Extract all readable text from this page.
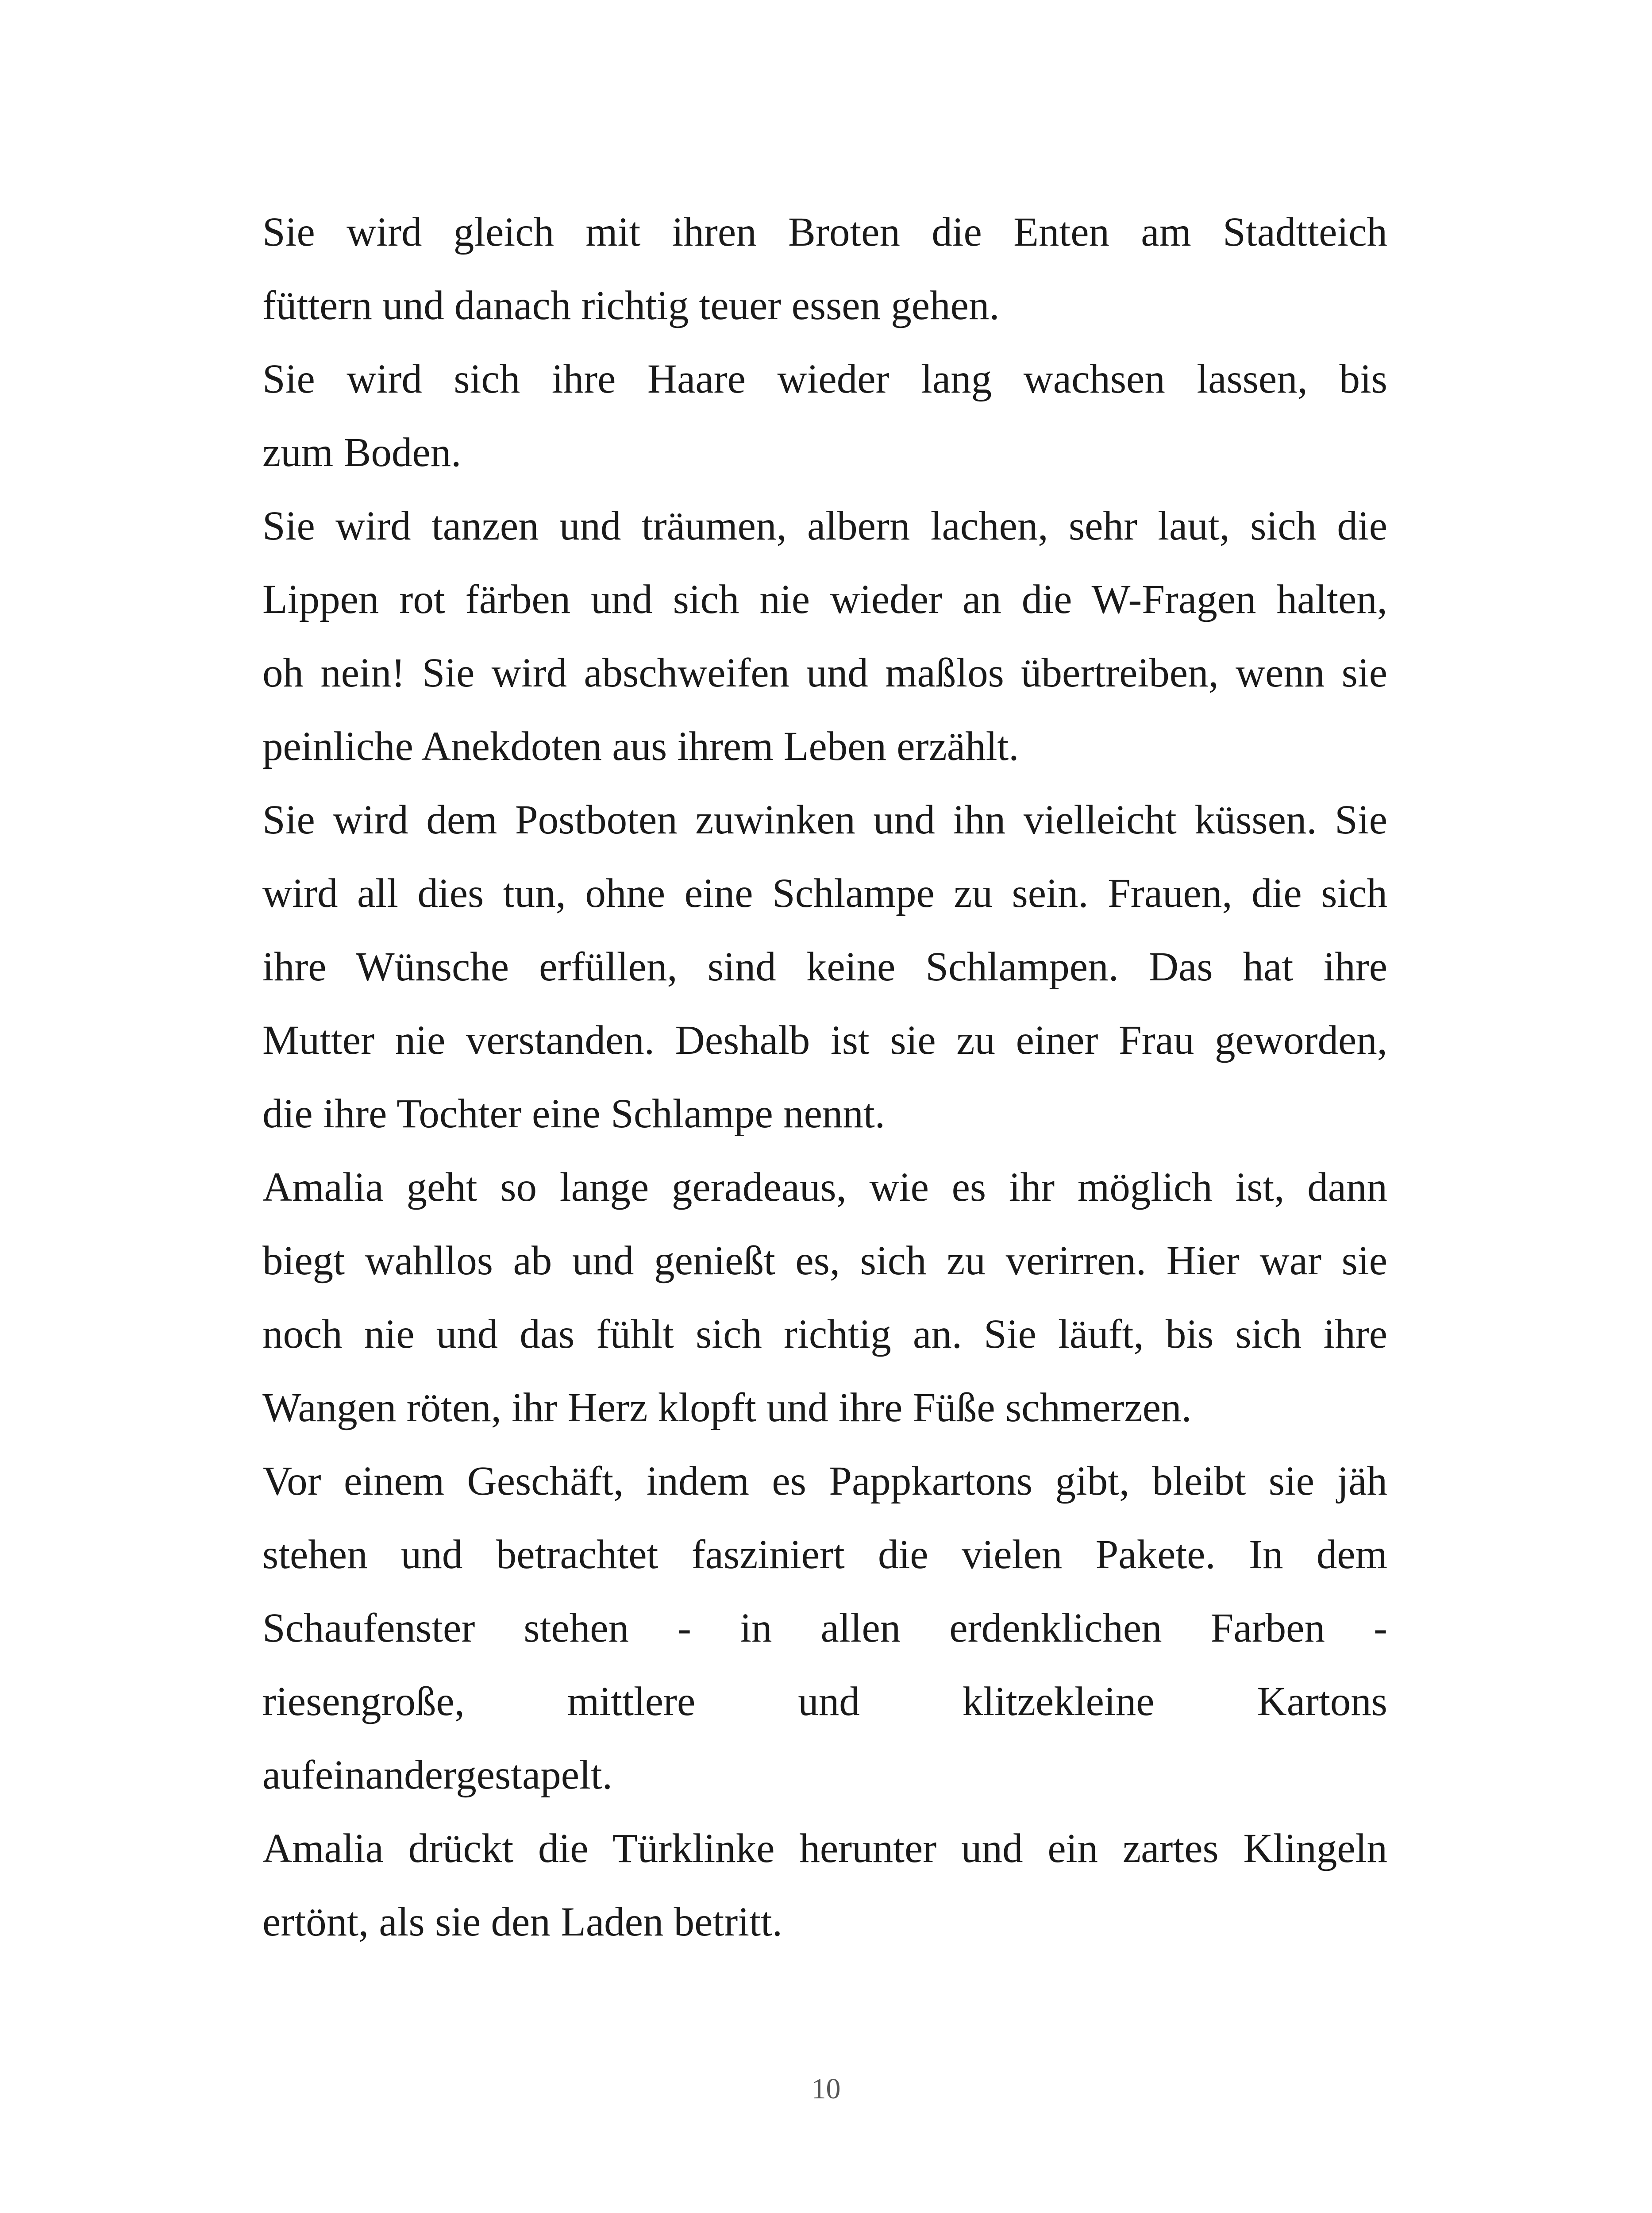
Sie wird gleich mit ihren Broten die Enten am Stadtteich
füttern und danach richtig teuer essen gehen.
Sie wird sich ihre Haare wieder lang wachsen lassen, bis
zum Boden.
Sie wird tanzen und träumen, albern lachen, sehr laut, sich die
Lippen rot färben und sich nie wieder an die W-Fragen halten,
oh nein! Sie wird abschweifen und maßlos übertreiben, wenn sie
peinliche Anekdoten aus ihrem Leben erzählt.
Sie wird dem Postboten zuwinken und ihn vielleicht küssen. Sie
wird all dies tun, ohne eine Schlampe zu sein. Frauen, die sich
ihre Wünsche erfüllen, sind keine Schlampen. Das hat ihre
Mutter nie verstanden. Deshalb ist sie zu einer Frau geworden,
die ihre Tochter eine Schlampe nennt.
Amalia geht so lange geradeaus, wie es ihr möglich ist, dann
biegt wahllos ab und genießt es, sich zu verirren. Hier war sie
noch nie und das fühlt sich richtig an. Sie läuft, bis sich ihre
Wangen röten, ihr Herz klopft und ihre Füße schmerzen.
Vor einem Geschäft, indem es Pappkartons gibt, bleibt sie jäh
stehen und betrachtet fasziniert die vielen Pakete. In dem
Schaufenster stehen - in allen erdenklichen Farben -
riesengroße, mittlere und klitzekleine Kartons
aufeinandergestapelt.
Amalia drückt die Türklinke herunter und ein zartes Klingeln
ertönt, als sie den Laden betritt.
10
